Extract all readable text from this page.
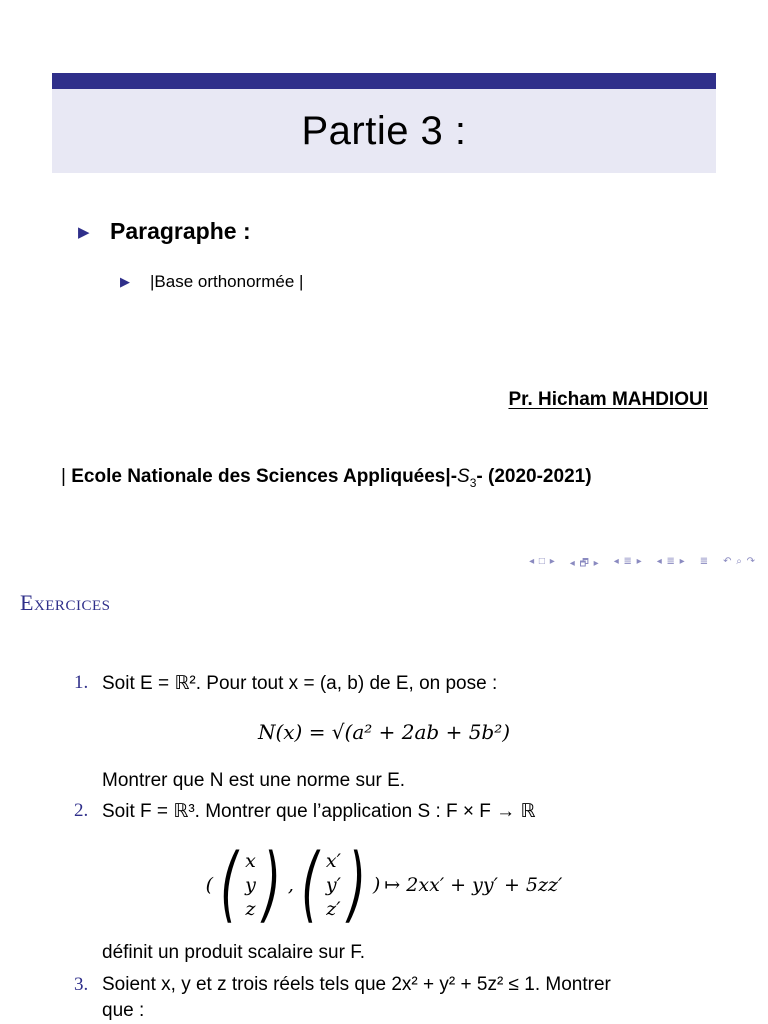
Partie 3 :
▶ Paragraphe :
▶	|Base orthonormée |
Pr. Hicham MAHDIOUI
| Ecole Nationale des Sciences $Appliquées|-S_3-$ (2020-2021)
◂ □ ▸ ◂ 🗗 ▸ ◂ ≣ ▸ ◂ ≣ ▸ ≣ ↶ ⌕ ↷
Exercices
1. Soit E = ℝ². Pour tout x = (a, b) de E, on pose :
N(x) = √(a² + 2ab + 5b²)
Montrer que N est une norme sur E.
2. Soit F = ℝ³. Montrer que l’application S : F × F → ℝ
( ( x
y
z ) , ( x′
y′
z′ ) ) ↦ 2xx′ + yy′ + 5zz′
définit un produit scalaire sur F.
3. Soient x, y et z trois réels tels que 2x² + y² + 5z² ≤ 1. Montrer
que :
